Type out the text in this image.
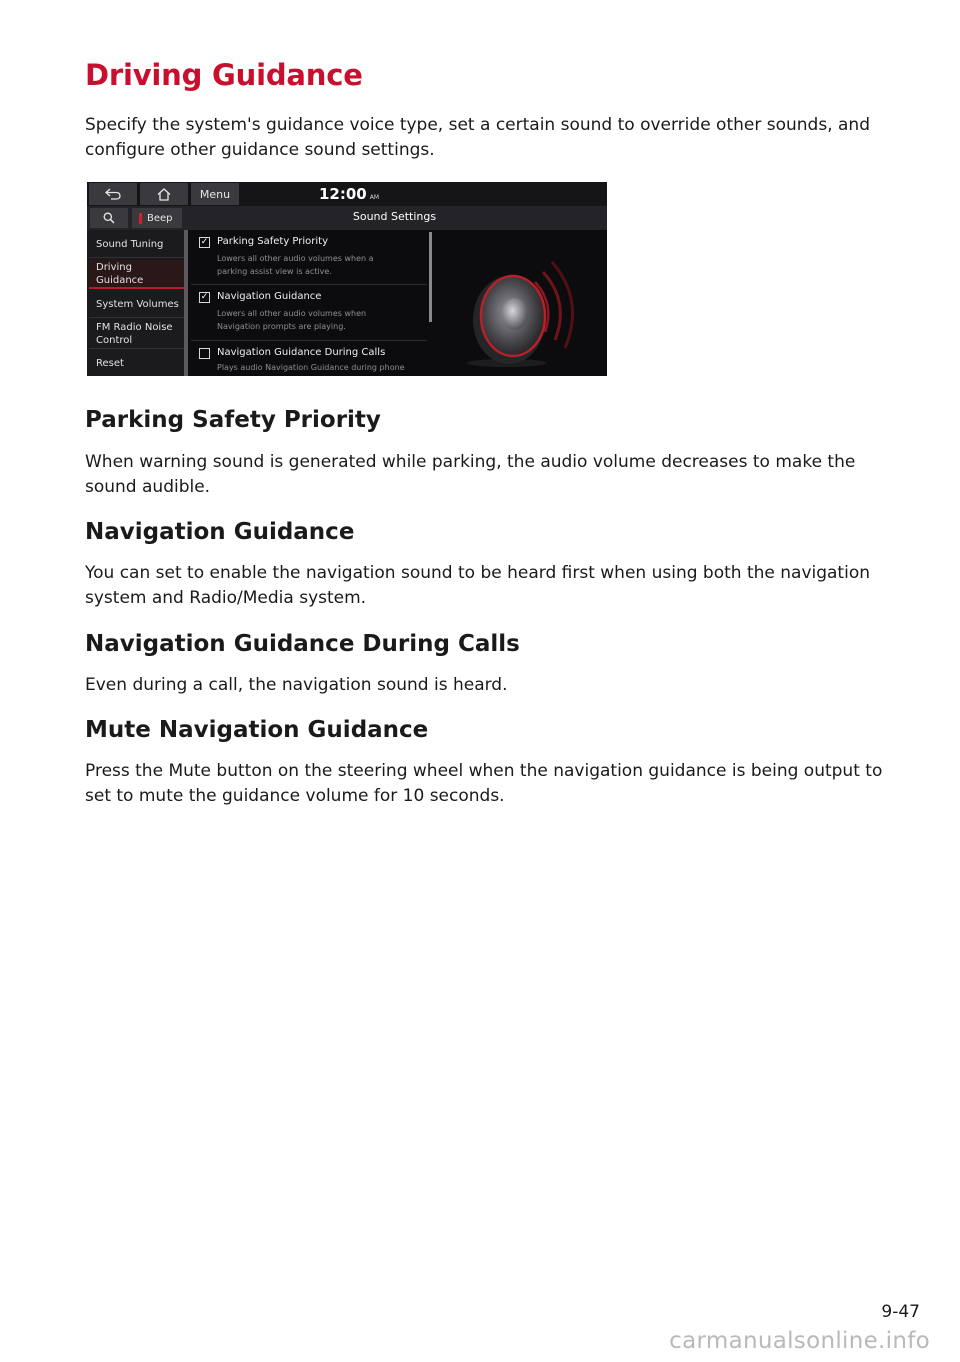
Driving Guidance

Specify the system's guidance voice type, set a certain sound to override other sounds, and configure other guidance sound settings.

Menu	12:00 AM
Beep	Sound Settings
Sound Tuning
Driving Guidance
System Volumes
FM Radio Noise Control
Reset
✓ Parking Safety Priority
Lowers all other audio volumes when a
parking assist view is active.
✓ Navigation Guidance
Lowers all other audio volumes when
Navigation prompts are playing.
Navigation Guidance During Calls
Plays audio Navigation Guidance during phone
Parking Safety Priority

When warning sound is generated while parking, the audio volume decreases to make the sound audible.

Navigation Guidance

You can set to enable the navigation sound to be heard first when using both the navigation system and Radio/Media system.

Navigation Guidance During Calls

Even during a call, the navigation sound is heard.

Mute Navigation Guidance

Press the Mute button on the steering wheel when the navigation guidance is being output to set to mute the guidance volume for 10 seconds.

9-47
carmanualsonline.info
